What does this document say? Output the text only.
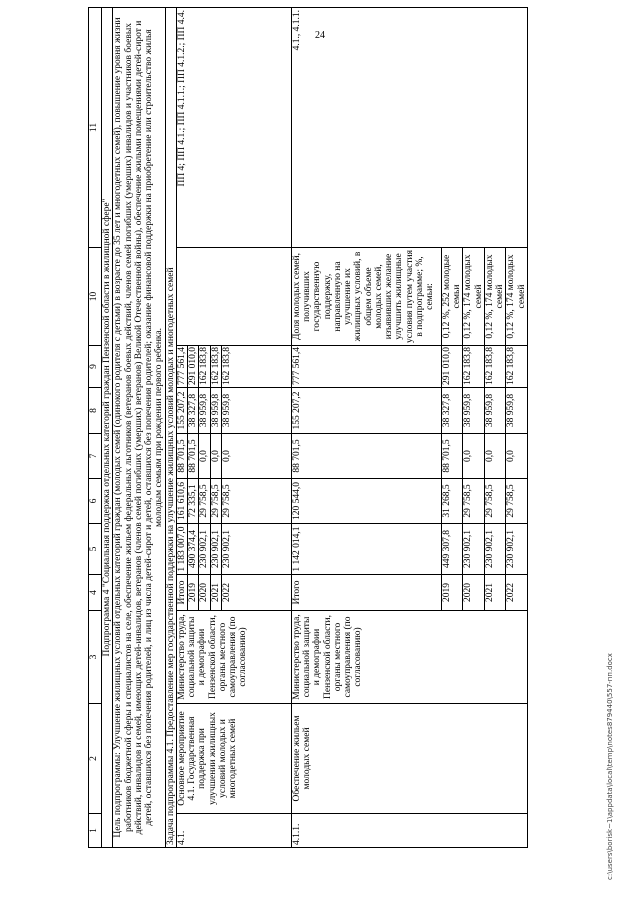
24
1	2	3	4	5	6	7	8	9	10	11
Подпрограмма 4 "Социальная поддержка отдельных категорий граждан Пензенской области в жилищной сфере"										
Цель подпрограммы: Улучшение жилищных условий отдельных категорий граждан (молодых семей (одинокого родителя с детьми) в возрасте до 35 лет и многодетных семей), повышение уровня жизни работников бюджетной сферы и специалистов на селе, обеспечение жильем федеральных льготников (ветеранов боевых действий, членов семей погибших (умерших) инвалидов и участников боевых действий, инвалидов и семей, имеющих детей-инвалидов, ветеранов (членов семей погибших (умерших) ветеранов) Великой Отечественной войны), обеспечение жилыми помещениями детей-сирот и детей, оставшихся без попечения родителей, и лиц из числа детей-сирот и детей, оставшихся без попечения родителей; оказание финансовой поддержки на приобретение или строительство жилья молодым семьям при рождении первого ребенка.										
Задача подпрограммы 4.1. Предоставление мер государственной поддержки на улучшение жилищных условий молодых и многодетных семей										
4.1.	Основное мероприятие 4.1. Государственная поддержка при улучшении жилищных условий молодых и многодетных семей	Министерство труда, социальной защиты и демографии Пензенской области, органы местного самоуправления (по согласованию)	Итого	1 183 007,0	161 610,6	88 701,5	155 207,2	777 561,4		ПП 4; ПП 4.1.; ПП 4.1.1.; ПП 4.1.2.; ПП 4.4.
			2019	490 374,4	72 335,1	88 701,5	38 327,8	291 010,0		
			2020	230 902,1	29 758,5	0,0	38 959,8	162 183,8		
			2021	230 902,1	29 758,5	0,0	38 959,8	162 183,8		
			2022	230 902,1	29 758,5	0,0	38 959,8	162 183,8		
4.1.1.	Обеспечение жильем молодых семей	Министерство труда, социальной защиты и демографии Пензенской области, органы местного самоуправления (по согласованию)	Итого	1 142 014,1	120 544,0	88 701,5	155 207,2	777 561,4	Доля молодых семей, получивших государственную поддержку, направленную на улучшение их жилищных условий, в общем объеме молодых семей, изъявивших желание улучшить жилищные условия путем участия в подпрограмме; %, семьи:	4.1., 4.1.1.
			2019	449 307,8	31 268,5	88 701,5	38 327,8	291 010,0	0,12 %, 252 молодые семьи	
			2020	230 902,1	29 758,5	0,0	38 959,8	162 183,8	0,12 %, 174 молодых семей	
			2021	230 902,1	29 758,5	0,0	38 959,8	162 183,8	0,12 %, 174 молодых семей	
			2022	230 902,1	29 758,5	0,0	38 959,8	162 183,8	0,12 %, 174 молодых семей	
c:\users\borisk~1\appdata\local\temp\notes879440\557-пп.docx
